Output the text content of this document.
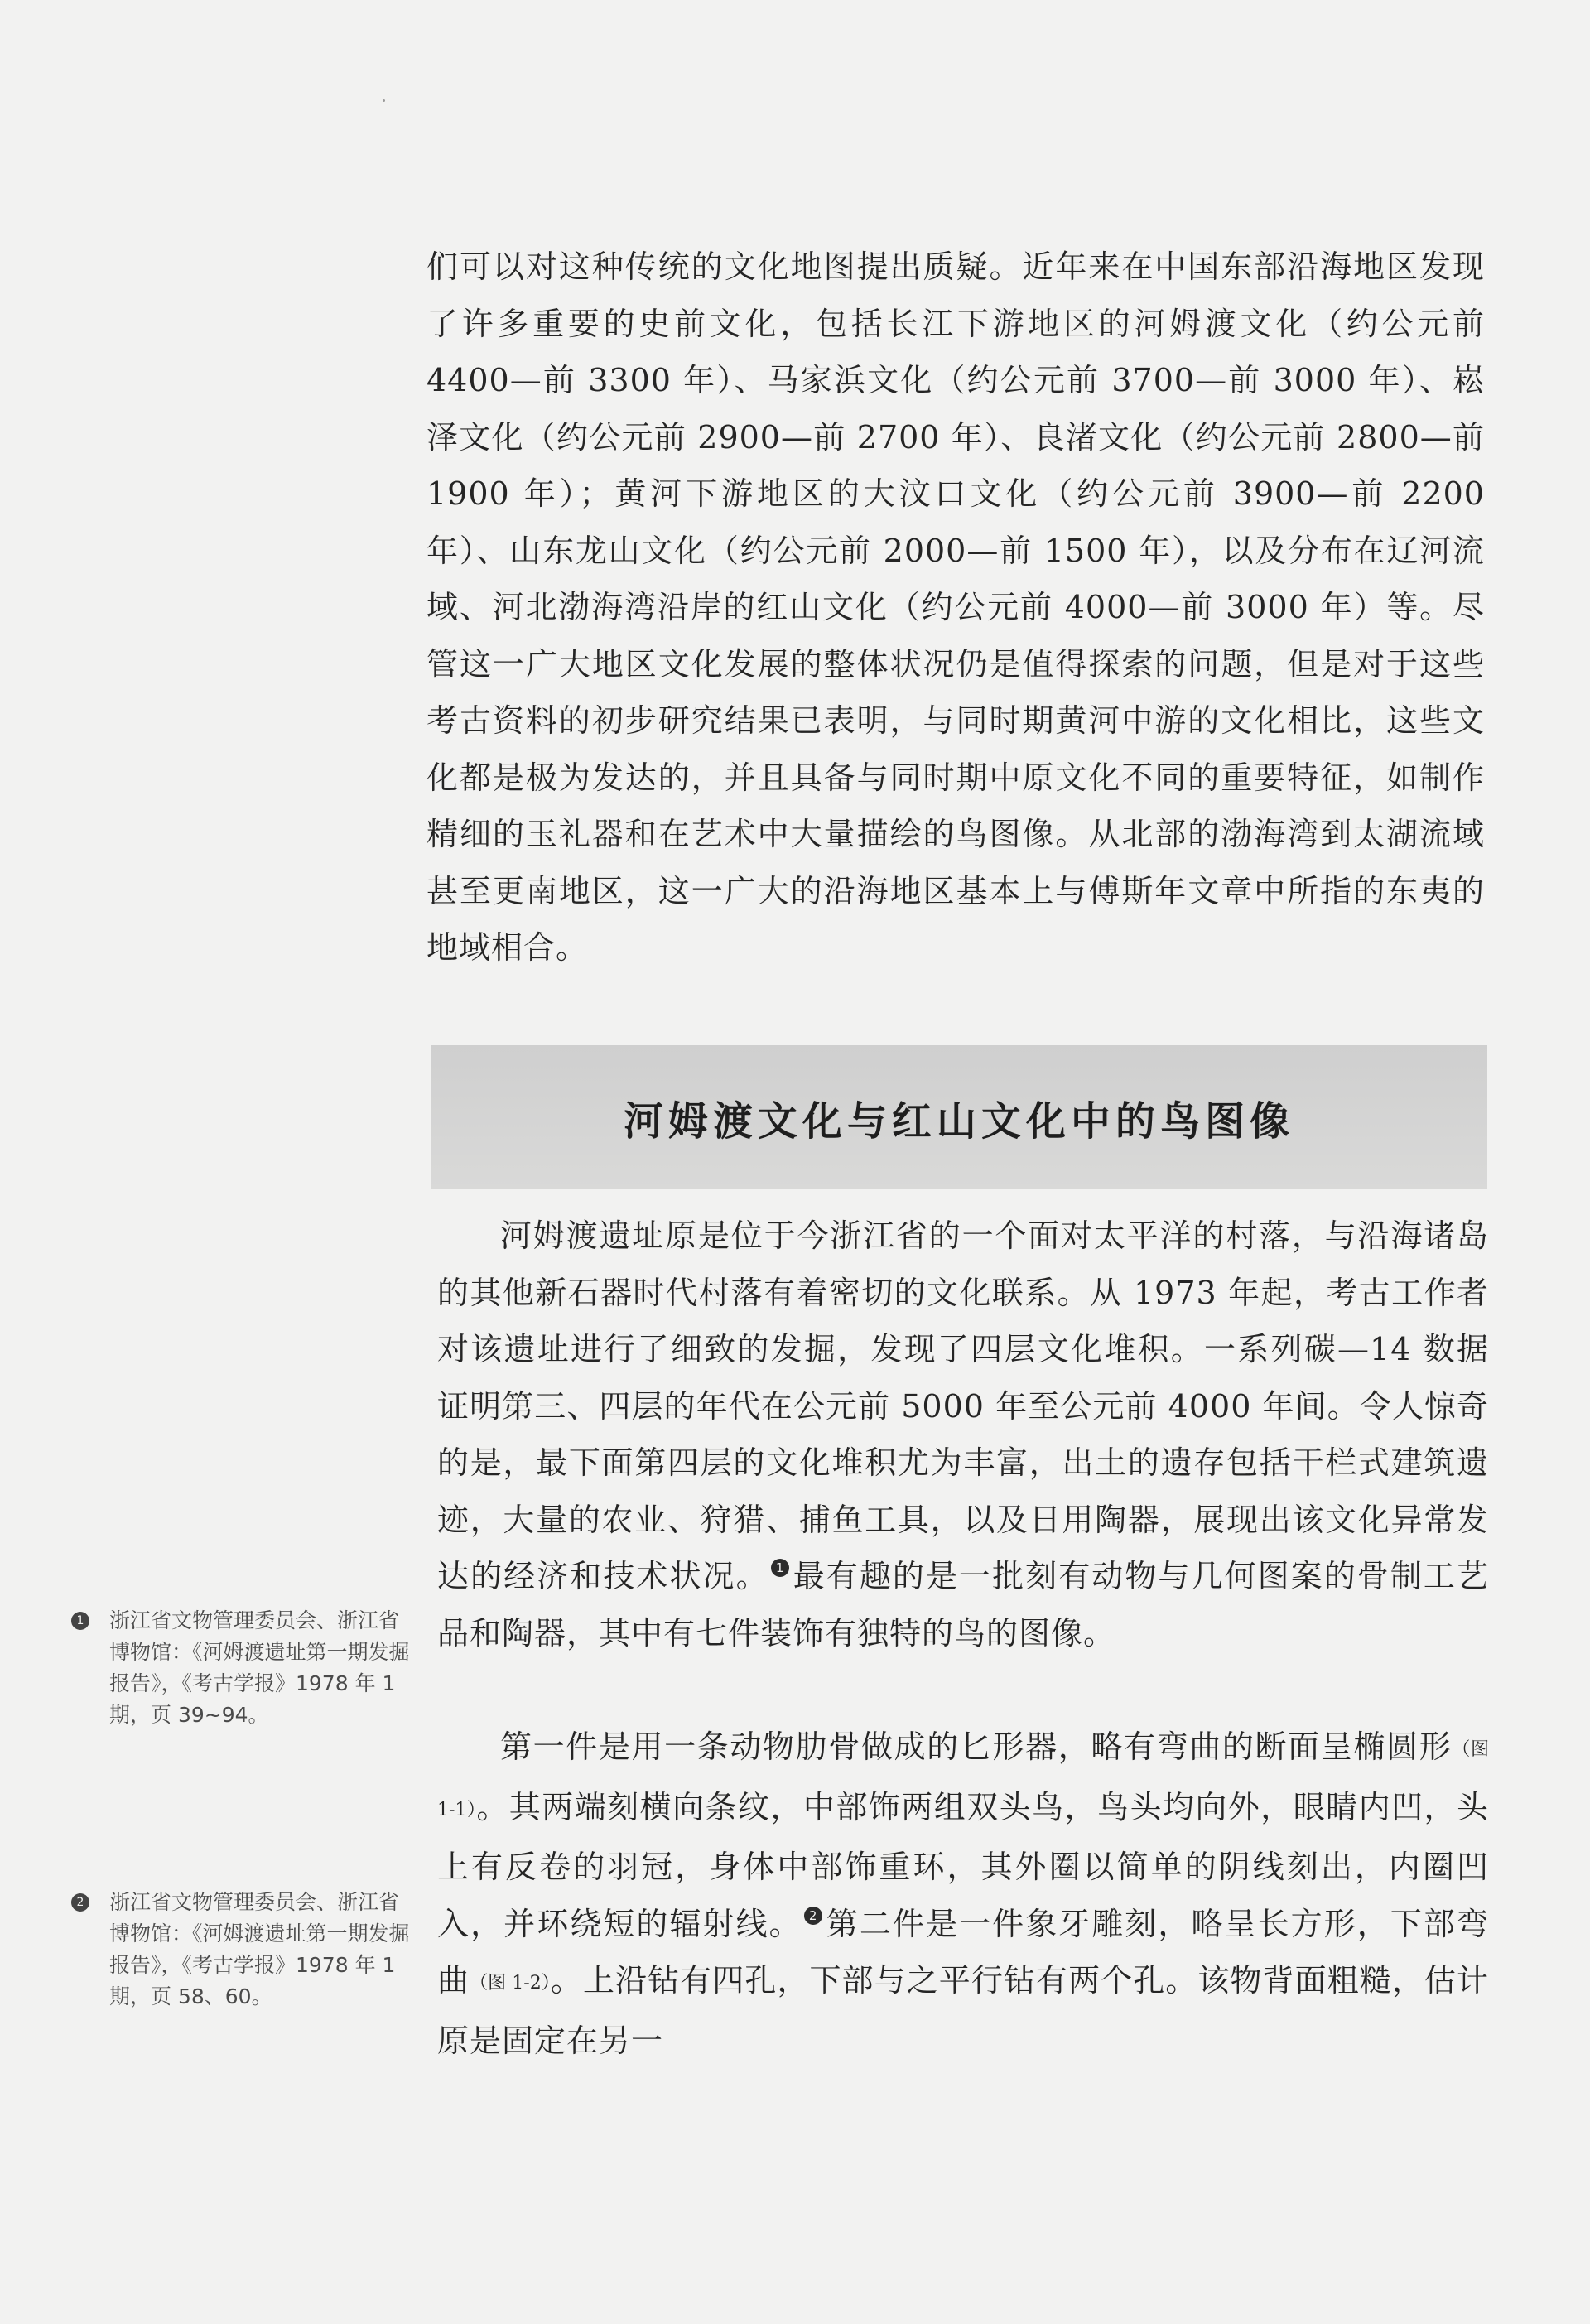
们可以对这种传统的文化地图提出质疑。近年来在中国东部沿海地区发现了许多重要的史前文化，包括长江下游地区的河姆渡文化（约公元前 4400—前 3300 年）、马家浜文化（约公元前 3700—前 3000 年）、崧泽文化（约公元前 2900—前 2700 年）、良渚文化（约公元前 2800—前 1900 年）；黄河下游地区的大汶口文化（约公元前 3900—前 2200 年）、山东龙山文化（约公元前 2000—前 1500 年），以及分布在辽河流域、河北渤海湾沿岸的红山文化（约公元前 4000—前 3000 年）等。尽管这一广大地区文化发展的整体状况仍是值得探索的问题，但是对于这些考古资料的初步研究结果已表明，与同时期黄河中游的文化相比，这些文化都是极为发达的，并且具备与同时期中原文化不同的重要特征，如制作精细的玉礼器和在艺术中大量描绘的鸟图像。从北部的渤海湾到太湖流域甚至更南地区，这一广大的沿海地区基本上与傅斯年文章中所指的东夷的地域相合。

河姆渡文化与红山文化中的鸟图像

河姆渡遗址原是位于今浙江省的一个面对太平洋的村落，与沿海诸岛的其他新石器时代村落有着密切的文化联系。从 1973 年起，考古工作者对该遗址进行了细致的发掘，发现了四层文化堆积。一系列碳—14 数据证明第三、四层的年代在公元前 5000 年至公元前 4000 年间。令人惊奇的是，最下面第四层的文化堆积尤为丰富，出土的遗存包括干栏式建筑遗迹，大量的农业、狩猎、捕鱼工具，以及日用陶器，展现出该文化异常发达的经济和技术状况。 1 最有趣的是一批刻有动物与几何图案的骨制工艺品和陶器，其中有七件装饰有独特的鸟的图像。

第一件是用一条动物肋骨做成的匕形器，略有弯曲的断面呈椭圆形（图 1-1）。其两端刻横向条纹，中部饰两组双头鸟，鸟头均向外，眼睛内凹，头上有反卷的羽冠，身体中部饰重环，其外圈以简单的阴线刻出，内圈凹入，并环绕短的辐射线。 2 第二件是一件象牙雕刻，略呈长方形，下部弯曲（图 1-2）。上沿钻有四孔，下部与之平行钻有两个孔。该物背面粗糙，估计原是固定在另一

1 浙江省文物管理委员会、浙江省博物馆：《河姆渡遗址第一期发掘报告》，《考古学报》1978 年 1 期，页 39~94。
2 浙江省文物管理委员会、浙江省博物馆：《河姆渡遗址第一期发掘报告》，《考古学报》1978 年 1 期，页 58、60。
